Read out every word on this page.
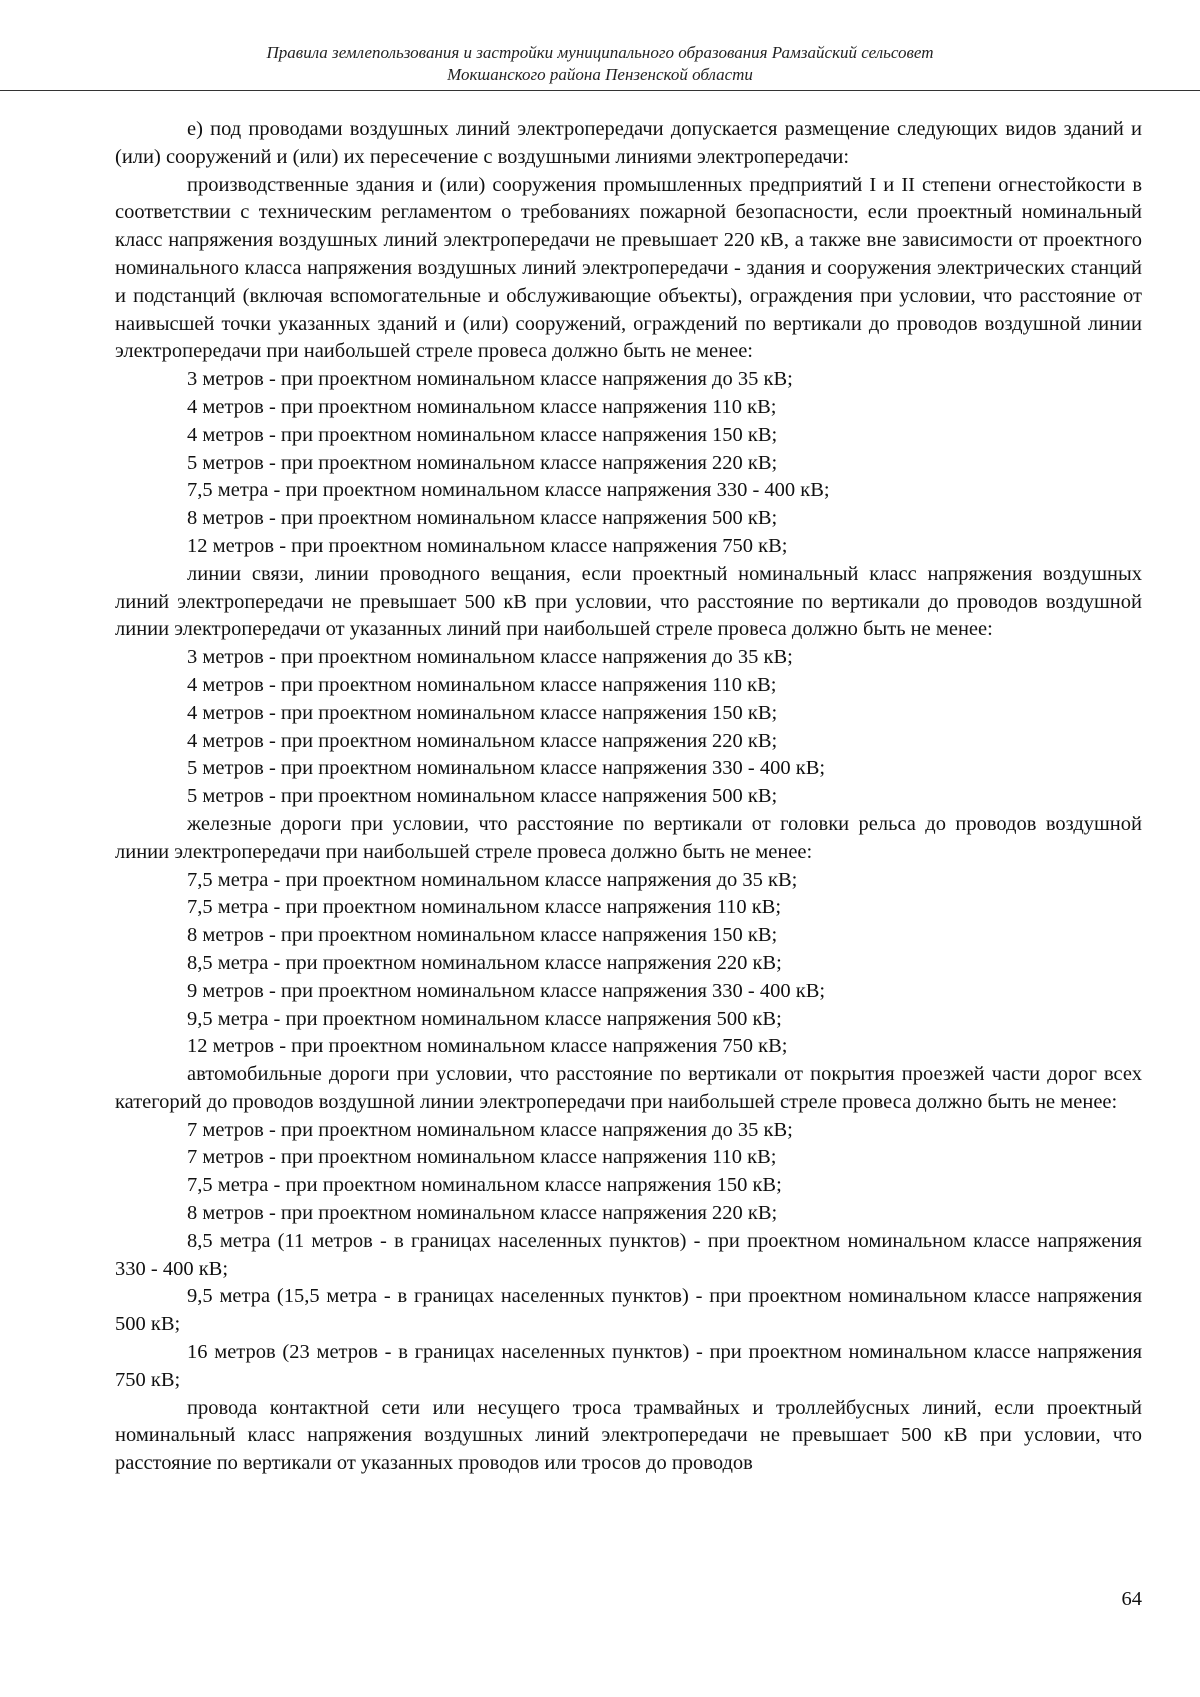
Правила землепользования и застройки муниципального образования Рамзайский сельсовет
Мокшанского района Пензенской области

е) под проводами воздушных линий электропередачи допускается размещение следующих видов зданий и (или) сооружений и (или) их пересечение с воздушными линиями электропередачи:

производственные здания и (или) сооружения промышленных предприятий I и II степени огнестойкости в соответствии с техническим регламентом о требованиях пожарной безопасности, если проектный номинальный класс напряжения воздушных линий электропередачи не превышает 220 кВ, а также вне зависимости от проектного номинального класса напряжения воздушных линий электропередачи - здания и сооружения электрических станций и подстанций (включая вспомогательные и обслуживающие объекты), ограждения при условии, что расстояние от наивысшей точки указанных зданий и (или) сооружений, ограждений по вертикали до проводов воздушной линии электропередачи при наибольшей стреле провеса должно быть не менее:

3 метров - при проектном номинальном классе напряжения до 35 кВ;

4 метров - при проектном номинальном классе напряжения 110 кВ;

4 метров - при проектном номинальном классе напряжения 150 кВ;

5 метров - при проектном номинальном классе напряжения 220 кВ;

7,5 метра - при проектном номинальном классе напряжения 330 - 400 кВ;

8 метров - при проектном номинальном классе напряжения 500 кВ;

12 метров - при проектном номинальном классе напряжения 750 кВ;

линии связи, линии проводного вещания, если проектный номинальный класс напряжения воздушных линий электропередачи не превышает 500 кВ при условии, что расстояние по вертикали до проводов воздушной линии электропередачи от указанных линий при наибольшей стреле провеса должно быть не менее:

3 метров - при проектном номинальном классе напряжения до 35 кВ;

4 метров - при проектном номинальном классе напряжения 110 кВ;

4 метров - при проектном номинальном классе напряжения 150 кВ;

4 метров - при проектном номинальном классе напряжения 220 кВ;

5 метров - при проектном номинальном классе напряжения 330 - 400 кВ;

5 метров - при проектном номинальном классе напряжения 500 кВ;

железные дороги при условии, что расстояние по вертикали от головки рельса до проводов воздушной линии электропередачи при наибольшей стреле провеса должно быть не менее:

7,5 метра - при проектном номинальном классе напряжения до 35 кВ;

7,5 метра - при проектном номинальном классе напряжения 110 кВ;

8 метров - при проектном номинальном классе напряжения 150 кВ;

8,5 метра - при проектном номинальном классе напряжения 220 кВ;

9 метров - при проектном номинальном классе напряжения 330 - 400 кВ;

9,5 метра - при проектном номинальном классе напряжения 500 кВ;

12 метров - при проектном номинальном классе напряжения 750 кВ;

автомобильные дороги при условии, что расстояние по вертикали от покрытия проезжей части дорог всех категорий до проводов воздушной линии электропередачи при наибольшей стреле провеса должно быть не менее:

7 метров - при проектном номинальном классе напряжения до 35 кВ;

7 метров - при проектном номинальном классе напряжения 110 кВ;

7,5 метра - при проектном номинальном классе напряжения 150 кВ;

8 метров - при проектном номинальном классе напряжения 220 кВ;

8,5 метра (11 метров - в границах населенных пунктов) - при проектном номинальном классе напряжения 330 - 400 кВ;

9,5 метра (15,5 метра - в границах населенных пунктов) - при проектном номинальном классе напряжения 500 кВ;

16 метров (23 метров - в границах населенных пунктов) - при проектном номинальном классе напряжения 750 кВ;

провода контактной сети или несущего троса трамвайных и троллейбусных линий, если проектный номинальный класс напряжения воздушных линий электропередачи не превышает 500 кВ при условии, что расстояние по вертикали от указанных проводов или тросов до проводов

64
